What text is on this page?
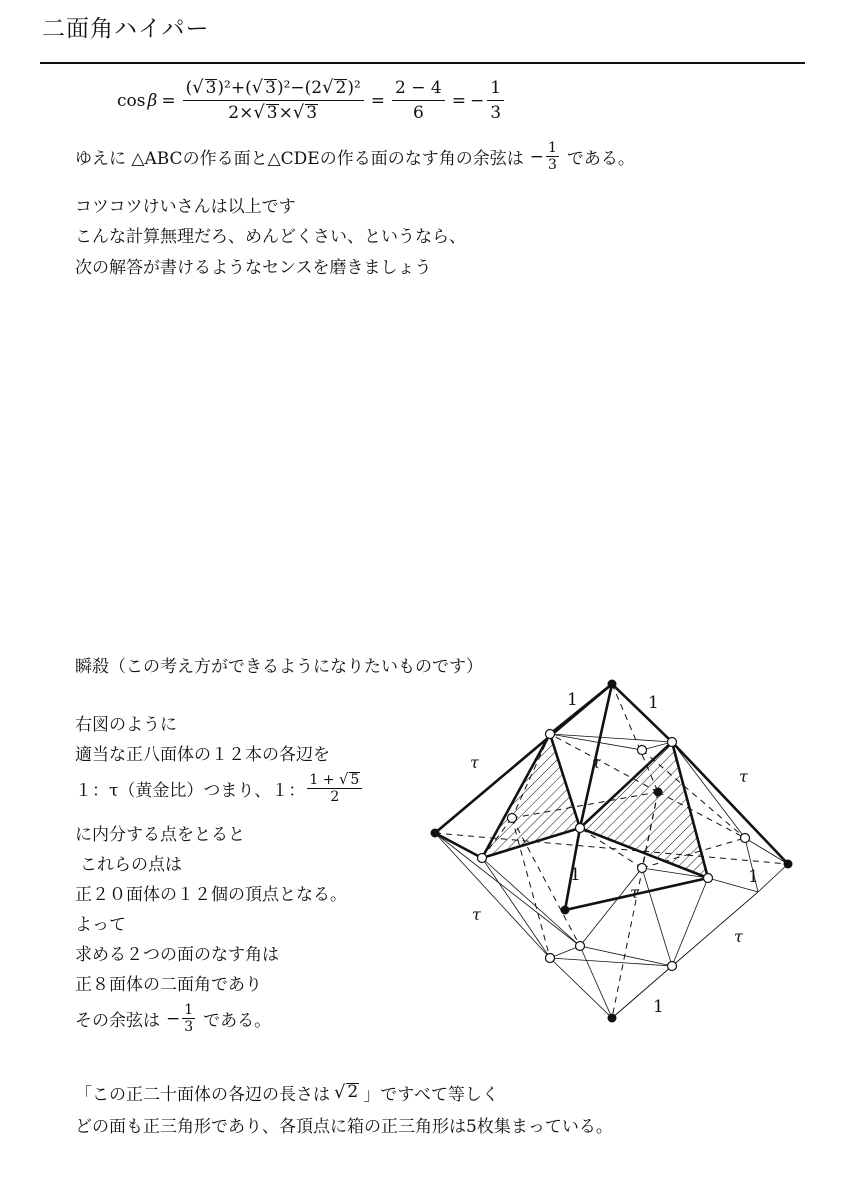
二面角ハイパー
$\cos \beta = \frac{\text{(√ 3)²+(√ 3)²−(2√ 2)²}}{2\times√ 3\times√ 3} = \frac{2 - 4}{6}$ = − $\frac{1}{3}$
ゆえに △ABCの作る面と△CDEの作る面のなす角の余弦は − $\frac{1}{3}$ である。
コツコツけいさんは以上です
こんな計算無理だろ、めんどくさい、というなら、
次の解答が書けるようなセンスを磨きましょう
瞬殺（この考え方ができるようになりたいものです）
右図のように
適当な正八面体の１２本の各辺を
１：τ（黄金比）つまり、１： $\frac{1 + √ 5}{2}$
に内分する点をとると
これらの点は
正２０面体の１２個の頂点となる。
よって
求める２つの面のなす角は
正８面体の二面角であり
その余弦は − $\frac{1}{3}$ である。
「この正二十面体の各辺の長さは √ 2 」ですべて等しく
どの面も正三角形であり、各頂点に箱の正三角形は5枚集まっている。
1	1
1	1
1
τ	τ
τ
τ
τ
τ
